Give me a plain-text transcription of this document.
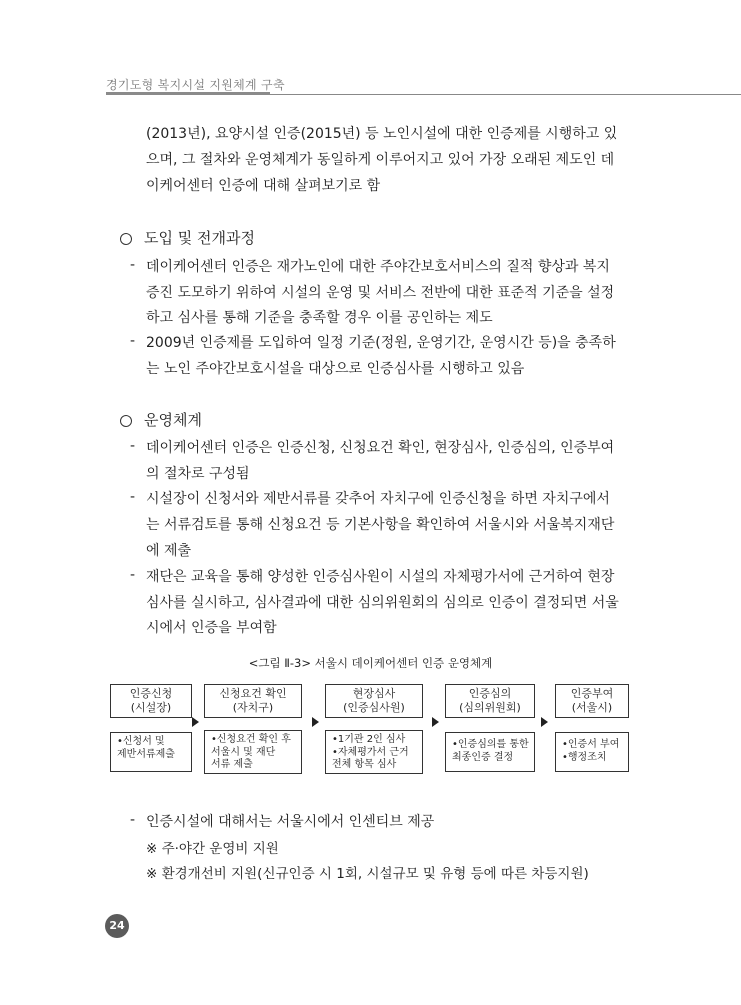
경기도형 복지시설 지원체계 구축
(2013년), 요양시설 인증(2015년) 등 노인시설에 대한 인증제를 시행하고 있
으며, 그 절차와 운영체계가 동일하게 이루어지고 있어 가장 오래된 제도인 데
이케어센터 인증에 대해 살펴보기로 함
도입 및 전개과정
- 데이케어센터 인증은 재가노인에 대한 주야간보호서비스의 질적 향상과 복지
증진 도모하기 위하여 시설의 운영 및 서비스 전반에 대한 표준적 기준을 설정
하고 심사를 통해 기준을 충족할 경우 이를 공인하는 제도
- 2009년 인증제를 도입하여 일정 기준(정원, 운영기간, 운영시간 등)을 충족하
는 노인 주야간보호시설을 대상으로 인증심사를 시행하고 있음
운영체계
- 데이케어센터 인증은 인증신청, 신청요건 확인, 현장심사, 인증심의, 인증부여
의 절차로 구성됨
- 시설장이 신청서와 제반서류를 갖추어 자치구에 인증신청을 하면 자치구에서
는 서류검토를 통해 신청요건 등 기본사항을 확인하여 서울시와 서울복지재단
에 제출
- 재단은 교육을 통해 양성한 인증심사원이 시설의 자체평가서에 근거하여 현장
심사를 실시하고, 심사결과에 대한 심의위원회의 심의로 인증이 결정되면 서울
시에서 인증을 부여함
<그림 Ⅱ-3> 서울시 데이케어센터 인증 운영체계
인증신청
(시설장)
•신청서 및
제반서류제출
신청요건 확인
(자치구)
•신청요건 확인 후
서울시 및 재단
서류 제출
현장심사
(인증심사원)
•1기관 2인 심사
•자체평가서 근거
전체 항목 심사
인증심의
(심의위원회)
•인증심의를 통한
최종인증 결정
인증부여
(서울시)
•인증서 부여
•행정조치
- 인증시설에 대해서는 서울시에서 인센티브 제공
※ 주·야간 운영비 지원
※ 환경개선비 지원(신규인증 시 1회, 시설규모 및 유형 등에 따른 차등지원)
24
